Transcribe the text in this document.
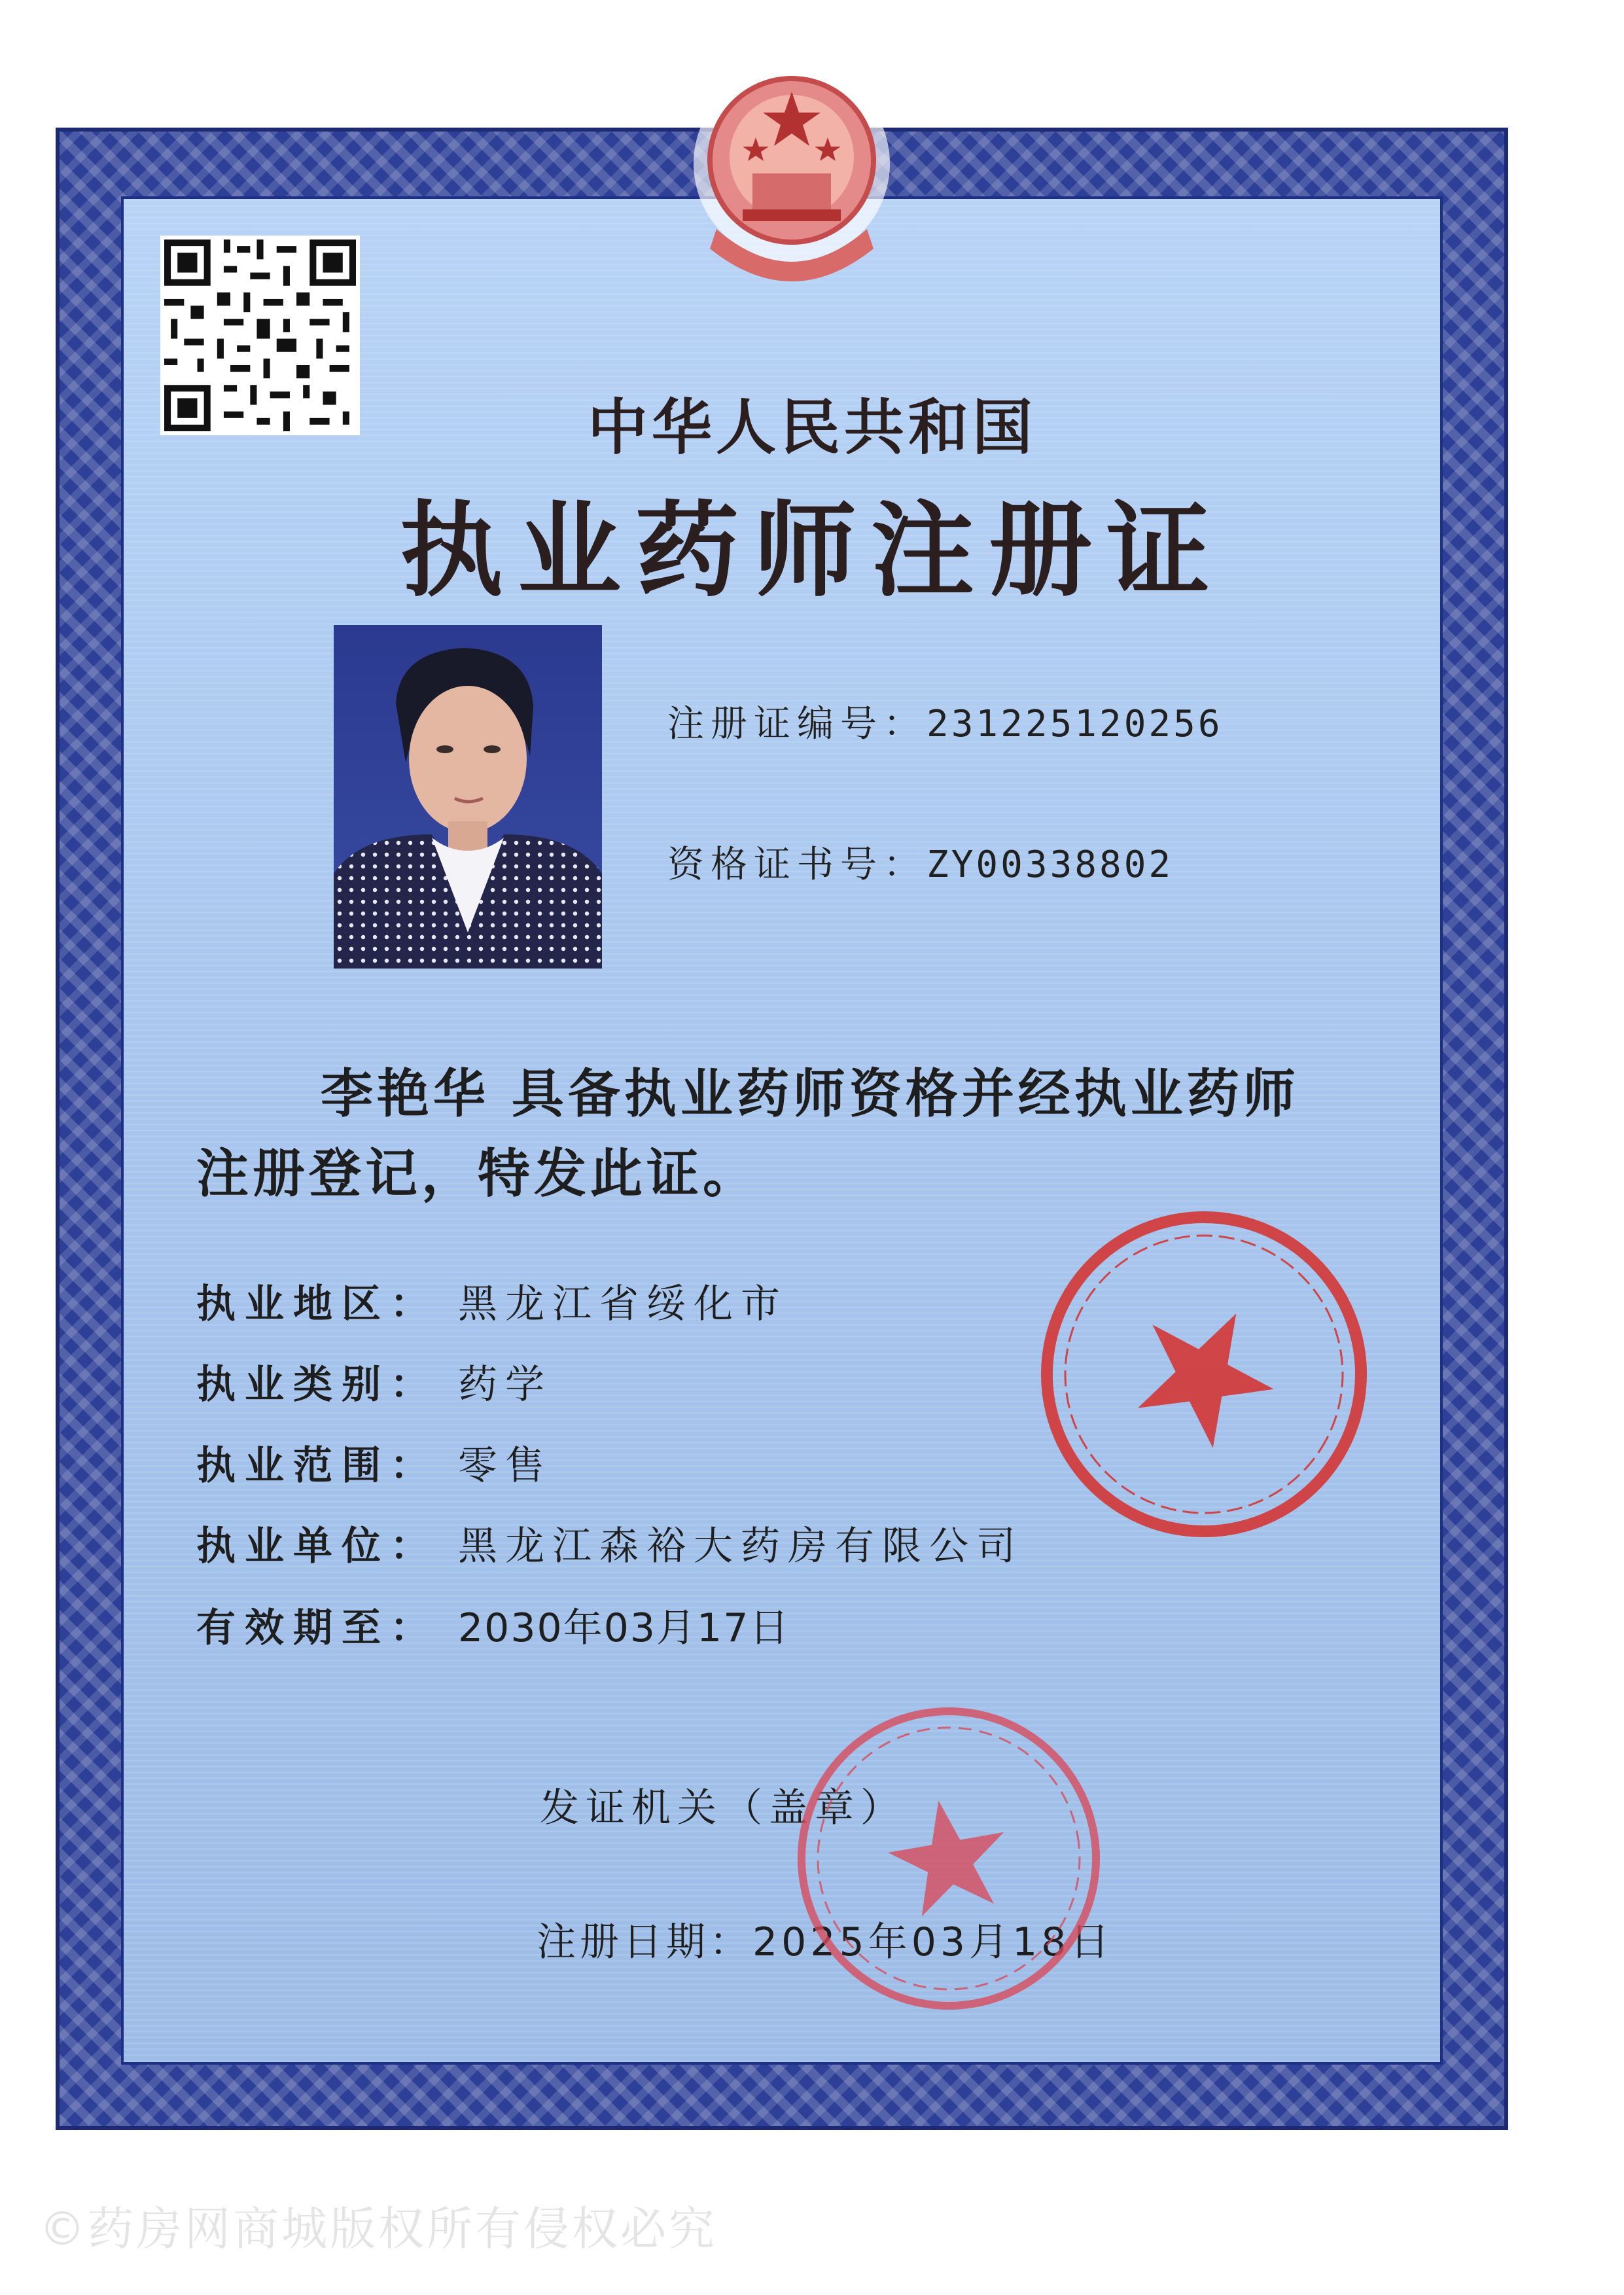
中华人民共和国
执业药师注册证
注册证编号：231225120256
资格证书号：ZY00338802
李艳华 具备执业药师资格并经执业药师
注册登记，特发此证。
执业地区： 黑龙江省绥化市
执业类别： 药学
执业范围： 零售
执业单位： 黑龙江森裕大药房有限公司
有效期至： 2030年03月17日
发证机关（盖章）
注册日期：2025年03月18日
©药房网商城版权所有侵权必究
